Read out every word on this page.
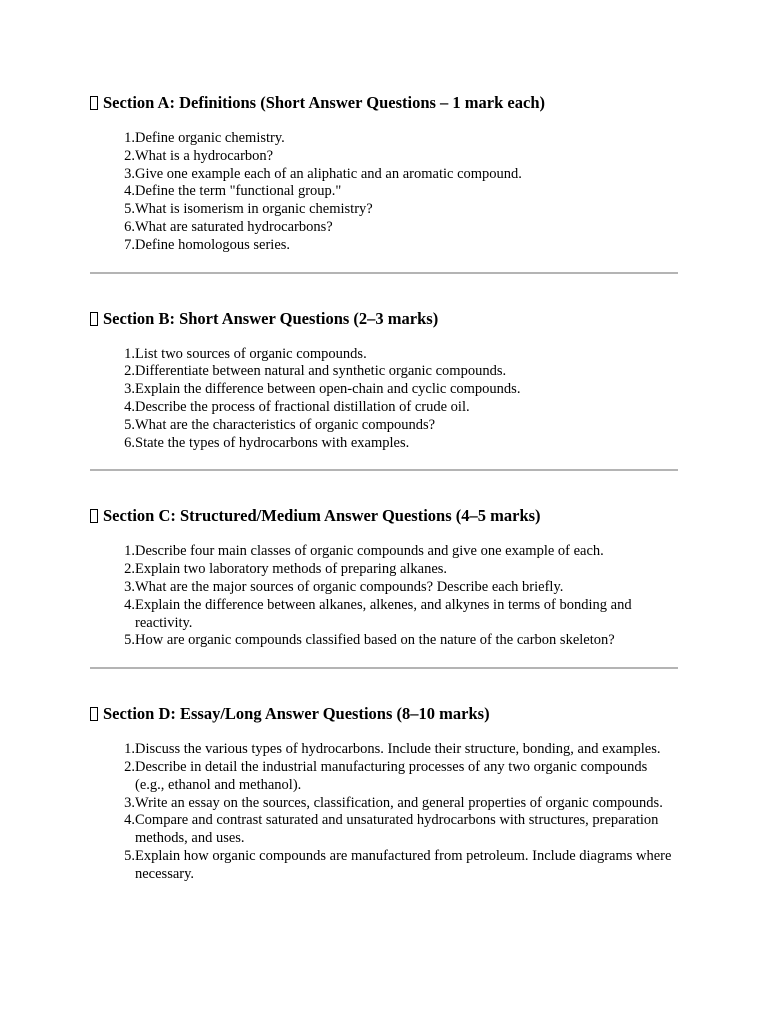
Section A: Definitions (Short Answer Questions – 1 mark each)
1. Define organic chemistry.
2. What is a hydrocarbon?
3. Give one example each of an aliphatic and an aromatic compound.
4. Define the term "functional group."
5. What is isomerism in organic chemistry?
6. What are saturated hydrocarbons?
7. Define homologous series.
Section B: Short Answer Questions (2–3 marks)
1. List two sources of organic compounds.
2. Differentiate between natural and synthetic organic compounds.
3. Explain the difference between open-chain and cyclic compounds.
4. Describe the process of fractional distillation of crude oil.
5. What are the characteristics of organic compounds?
6. State the types of hydrocarbons with examples.
Section C: Structured/Medium Answer Questions (4–5 marks)
1. Describe four main classes of organic compounds and give one example of each.
2. Explain two laboratory methods of preparing alkanes.
3. What are the major sources of organic compounds? Describe each briefly.
4. Explain the difference between alkanes, alkenes, and alkynes in terms of bonding and reactivity.
5. How are organic compounds classified based on the nature of the carbon skeleton?
Section D: Essay/Long Answer Questions (8–10 marks)
1. Discuss the various types of hydrocarbons. Include their structure, bonding, and examples.
2. Describe in detail the industrial manufacturing processes of any two organic compounds (e.g., ethanol and methanol).
3. Write an essay on the sources, classification, and general properties of organic compounds.
4. Compare and contrast saturated and unsaturated hydrocarbons with structures, preparation methods, and uses.
5. Explain how organic compounds are manufactured from petroleum. Include diagrams where necessary.
